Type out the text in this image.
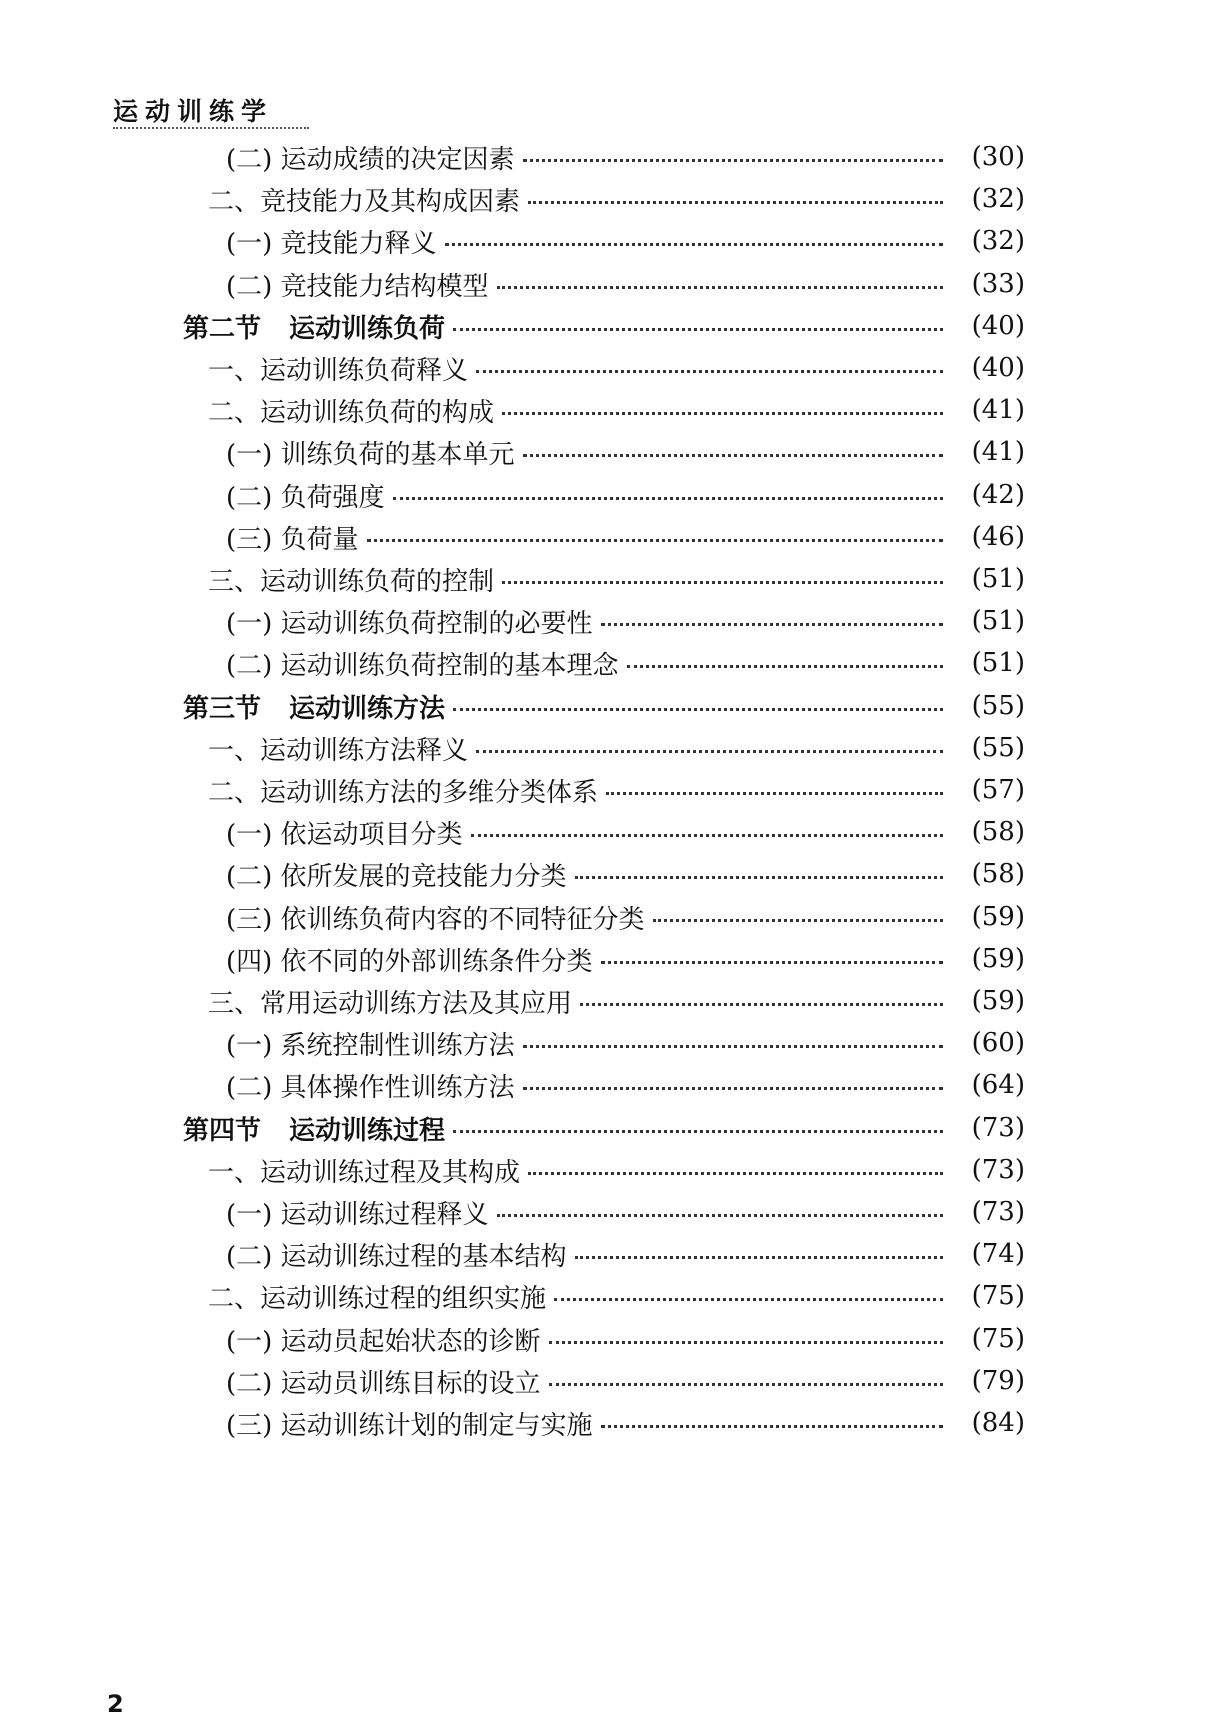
运动训练学
(二) 运动成绩的决定因素	(30)
二、竞技能力及其构成因素	(32)
(一) 竞技能力释义	(32)
(二) 竞技能力结构模型	(33)
第二节 运动训练负荷	(40)
一、运动训练负荷释义	(40)
二、运动训练负荷的构成	(41)
(一) 训练负荷的基本单元	(41)
(二) 负荷强度	(42)
(三) 负荷量	(46)
三、运动训练负荷的控制	(51)
(一) 运动训练负荷控制的必要性	(51)
(二) 运动训练负荷控制的基本理念	(51)
第三节 运动训练方法	(55)
一、运动训练方法释义	(55)
二、运动训练方法的多维分类体系	(57)
(一) 依运动项目分类	(58)
(二) 依所发展的竞技能力分类	(58)
(三) 依训练负荷内容的不同特征分类	(59)
(四) 依不同的外部训练条件分类	(59)
三、常用运动训练方法及其应用	(59)
(一) 系统控制性训练方法	(60)
(二) 具体操作性训练方法	(64)
第四节 运动训练过程	(73)
一、运动训练过程及其构成	(73)
(一) 运动训练过程释义	(73)
(二) 运动训练过程的基本结构	(74)
二、运动训练过程的组织实施	(75)
(一) 运动员起始状态的诊断	(75)
(二) 运动员训练目标的设立	(79)
(三) 运动训练计划的制定与实施	(84)
2
